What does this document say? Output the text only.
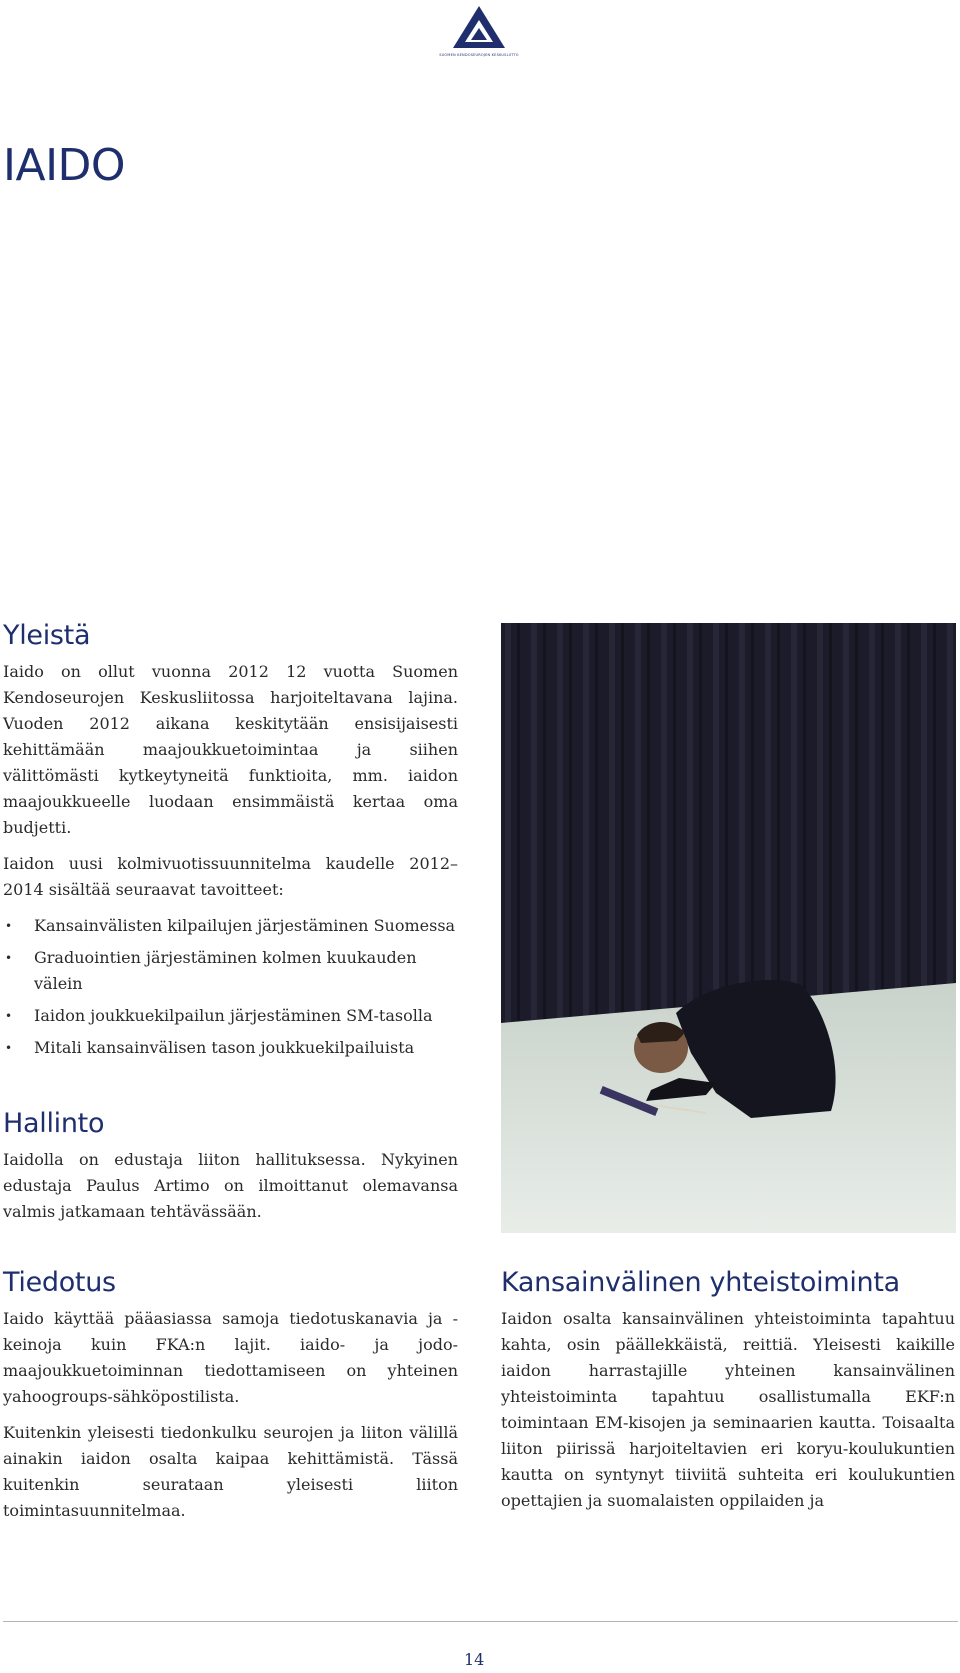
SUOMEN KENDOSEUROJEN KESKUSLIITTO
IAIDO
Yleistä

Iaido on ollut vuonna 2012 12 vuotta Suomen Kendoseurojen Keskusliitossa harjoiteltavana lajina. Vuoden 2012 aikana keskitytään ensisijaisesti kehittämään maajoukkuetoimintaa ja siihen välittömästi kytkeytyneitä funktioita, mm. iaidon maajoukkueelle luodaan ensimmäistä kertaa oma budjetti.

Iaidon uusi kolmivuotissuunnitelma kaudelle 2012–2014 sisältää seuraavat tavoitteet:

• Kansainvälisten kilpailujen järjestäminen Suomessa
• Graduointien järjestäminen kolmen kuukauden välein
• Iaidon joukkuekilpailun järjestäminen SM-tasolla
• Mitali kansainvälisen tason joukkuekilpailuista
Hallinto

Iaidolla on edustaja liiton hallituksessa. Nykyinen edustaja Paulus Artimo on ilmoittanut olemavansa valmis jatkamaan tehtävässään.

Tiedotus

Iaido käyttää pääasiassa samoja tiedotuskanavia ja -keinoja kuin FKA:n lajit. iaido- ja jodo-maajoukkuetoiminnan tiedottamiseen on yhteinen yahoogroups-sähköpostilista.

Kuitenkin yleisesti tiedonkulku seurojen ja liiton välillä ainakin iaidon osalta kaipaa kehittämistä. Tässä kuitenkin seurataan yleisesti liiton toimintasuunnitelmaa.

Kansainvälinen yhteistoiminta

Iaidon osalta kansainvälinen yhteistoiminta tapahtuu kahta, osin päällekkäistä, reittiä. Yleisesti kaikille iaidon harrastajille yhteinen kansainvälinen yhteistoiminta tapahtuu osallistumalla EKF:n toimintaan EM-kisojen ja seminaarien kautta. Toisaalta liiton piirissä harjoiteltavien eri koryu-koulukuntien kautta on syntynyt tiiviitä suhteita eri koulukuntien opettajien ja suomalaisten oppilaiden ja

14
